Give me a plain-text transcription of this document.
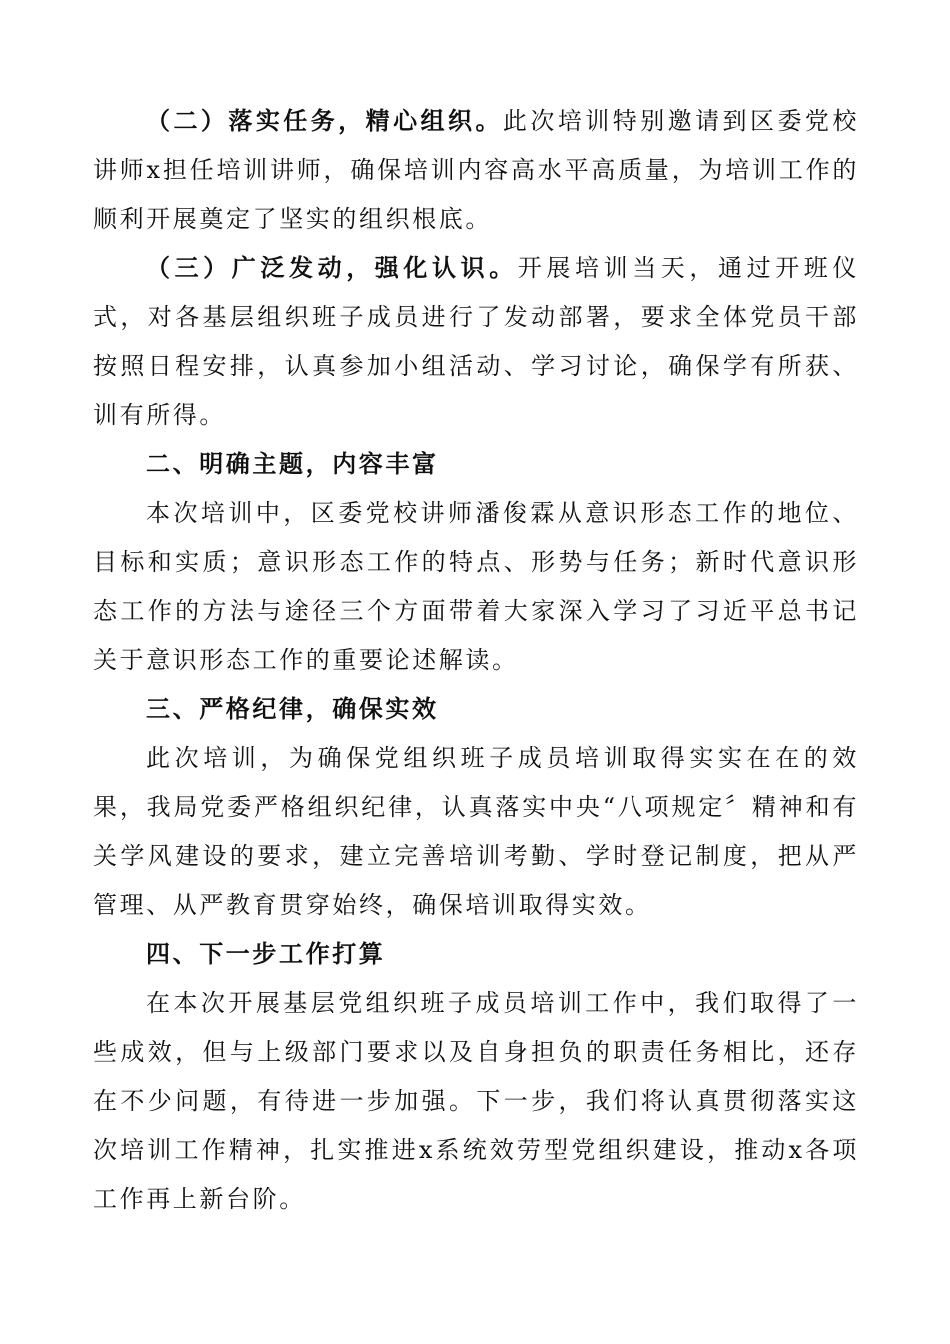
（二）落实任务，精心组织。此次培训特别邀请到区委党校讲师x担任培训讲师，确保培训内容高水平高质量，为培训工作的顺利开展奠定了坚实的组织根底。

（三）广泛发动，强化认识。开展培训当天，通过开班仪式，对各基层组织班子成员进行了发动部署，要求全体党员干部按照日程安排，认真参加小组活动、学习讨论，确保学有所获、训有所得。

二、明确主题，内容丰富

本次培训中，区委党校讲师潘俊霖从意识形态工作的地位、目标和实质；意识形态工作的特点、形势与任务；新时代意识形态工作的方法与途径三个方面带着大家深入学习了习近平总书记关于意识形态工作的重要论述解读。

三、严格纪律，确保实效

此次培训，为确保党组织班子成员培训取得实实在在的效果，我局党委严格组织纪律，认真落实中央“八项规定〞精神和有关学风建设的要求，建立完善培训考勤、学时登记制度，把从严管理、从严教育贯穿始终，确保培训取得实效。

四、下一步工作打算

在本次开展基层党组织班子成员培训工作中，我们取得了一些成效，但与上级部门要求以及自身担负的职责任务相比，还存在不少问题，有待进一步加强。下一步，我们将认真贯彻落实这次培训工作精神，扎实推进x系统效劳型党组织建设，推动x各项工作再上新台阶。
